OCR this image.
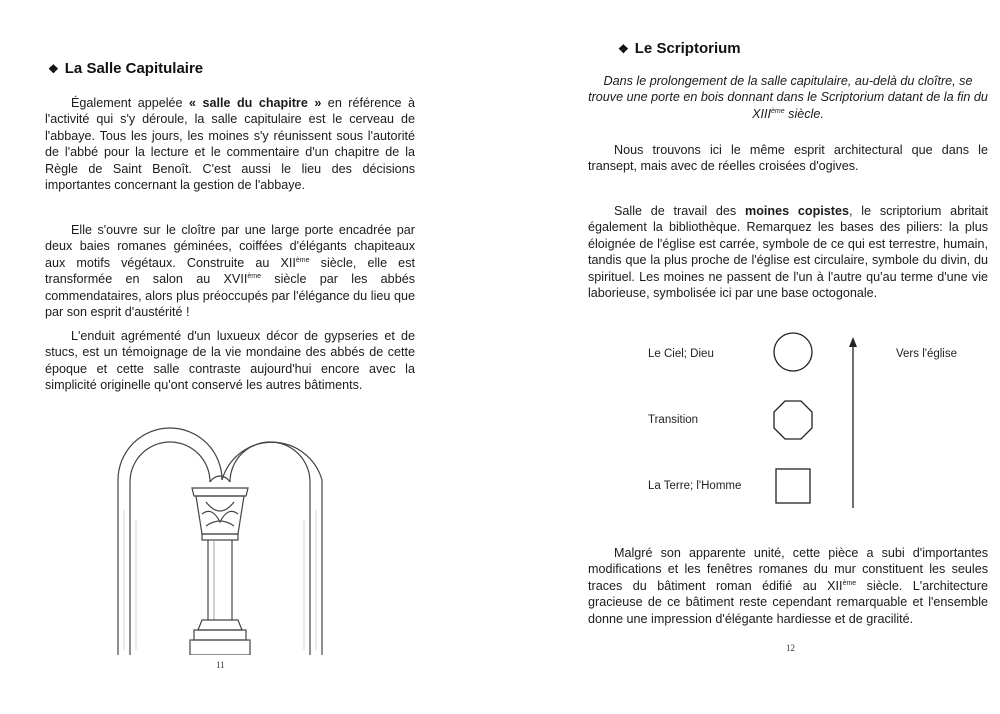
❖ La Salle Capitulaire
Également appelée « salle du chapitre » en référence à l'activité qui s'y déroule, la salle capitulaire est le cerveau de l'abbaye. Tous les jours, les moines s'y réunissent sous l'autorité de l'abbé pour la lecture et le commentaire d'un chapitre de la Règle de Saint Benoît. C'est aussi le lieu des décisions importantes concernant la gestion de l'abbaye.
Elle s'ouvre sur le cloître par une large porte encadrée par deux baies romanes géminées, coiffées d'élégants chapiteaux aux motifs végétaux. Construite au XIIème siècle, elle est transformée en salon au XVIIème siècle par les abbés commendataires, alors plus préoccupés par l'élégance du lieu que par son esprit d'austérité !
L'enduit agrémenté d'un luxueux décor de gypseries et de stucs, est un témoignage de la vie mondaine des abbés de cette époque et cette salle contraste aujourd'hui encore avec la simplicité originelle qu'ont conservé les autres bâtiments.
11
❖ Le Scriptorium
Dans le prolongement de la salle capitulaire, au-delà du cloître, se trouve une porte en bois donnant dans le Scriptorium datant de la fin du XIIIème siècle.
Nous trouvons ici le même esprit architectural que dans le transept, mais avec de réelles croisées d'ogives.
Salle de travail des moines copistes, le scriptorium abritait également la bibliothèque. Remarquez les bases des piliers: la plus éloignée de l'église est carrée, symbole de ce qui est terrestre, humain, tandis que la plus proche de l'église est circulaire, symbole du divin, du spirituel. Les moines ne passent de l'un à l'autre qu'au terme d'une vie laborieuse, symbolisée ici par une base octogonale.
Le Ciel; Dieu
Transition
La Terre; l'Homme
Vers l'église
Malgré son apparente unité, cette pièce a subi d'importantes modifications et les fenêtres romanes du mur constituent les seules traces du bâtiment roman édifié au XIIème siècle. L'architecture gracieuse de ce bâtiment reste cependant remarquable et l'ensemble donne une impression d'élégante hardiesse et de gracilité.
12
